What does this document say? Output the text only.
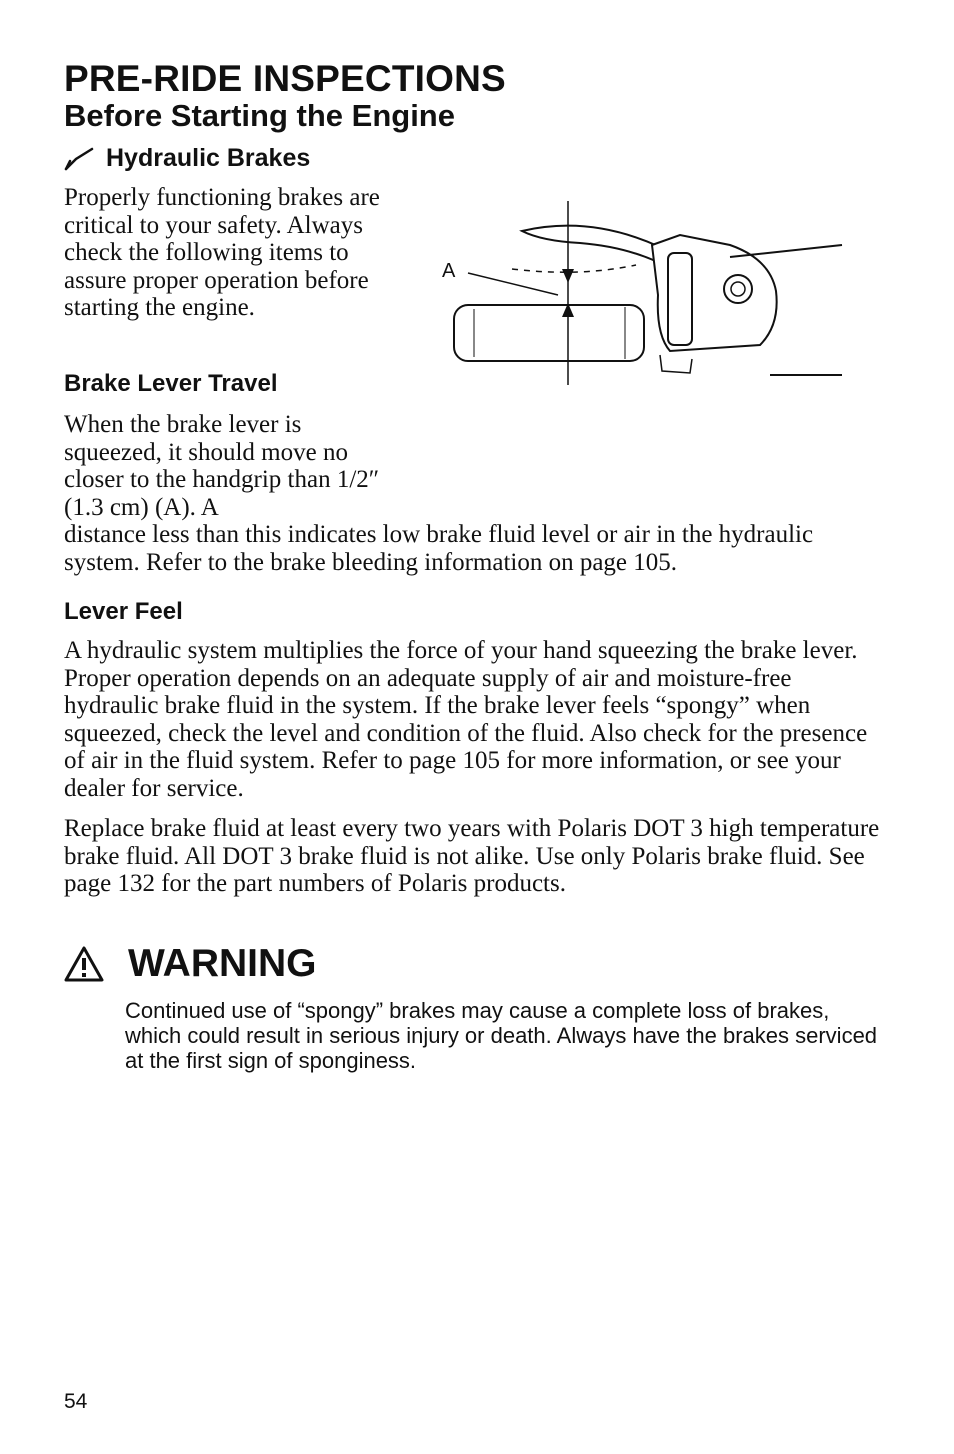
PRE-RIDE INSPECTIONS
Before Starting the Engine
Hydraulic Brakes
Properly functioning brakes are critical to your safety. Always check the following items to assure proper operation before starting the engine.
A
Brake Lever Travel
When the brake lever is squeezed, it should move no closer to the handgrip than 1/2″ (1.3 cm) (A). A
distance less than this indicates low brake fluid level or air in the hydraulic system. Refer to the brake bleeding information on page 105.
Lever Feel
A hydraulic system multiplies the force of your hand squeezing the brake lever. Proper operation depends on an adequate supply of air and moisture-free hydraulic brake fluid in the system. If the brake lever feels “spongy” when squeezed, check the level and condition of the fluid. Also check for the presence of air in the fluid system. Refer to page 105 for more information, or see your dealer for service.
Replace brake fluid at least every two years with Polaris DOT 3 high temperature brake fluid. All DOT 3 brake fluid is not alike. Use only Polaris brake fluid. See page 132 for the part numbers of Polaris products.
WARNING
Continued use of “spongy” brakes may cause a complete loss of brakes, which could result in serious injury or death. Always have the brakes serviced at the first sign of sponginess.
54
